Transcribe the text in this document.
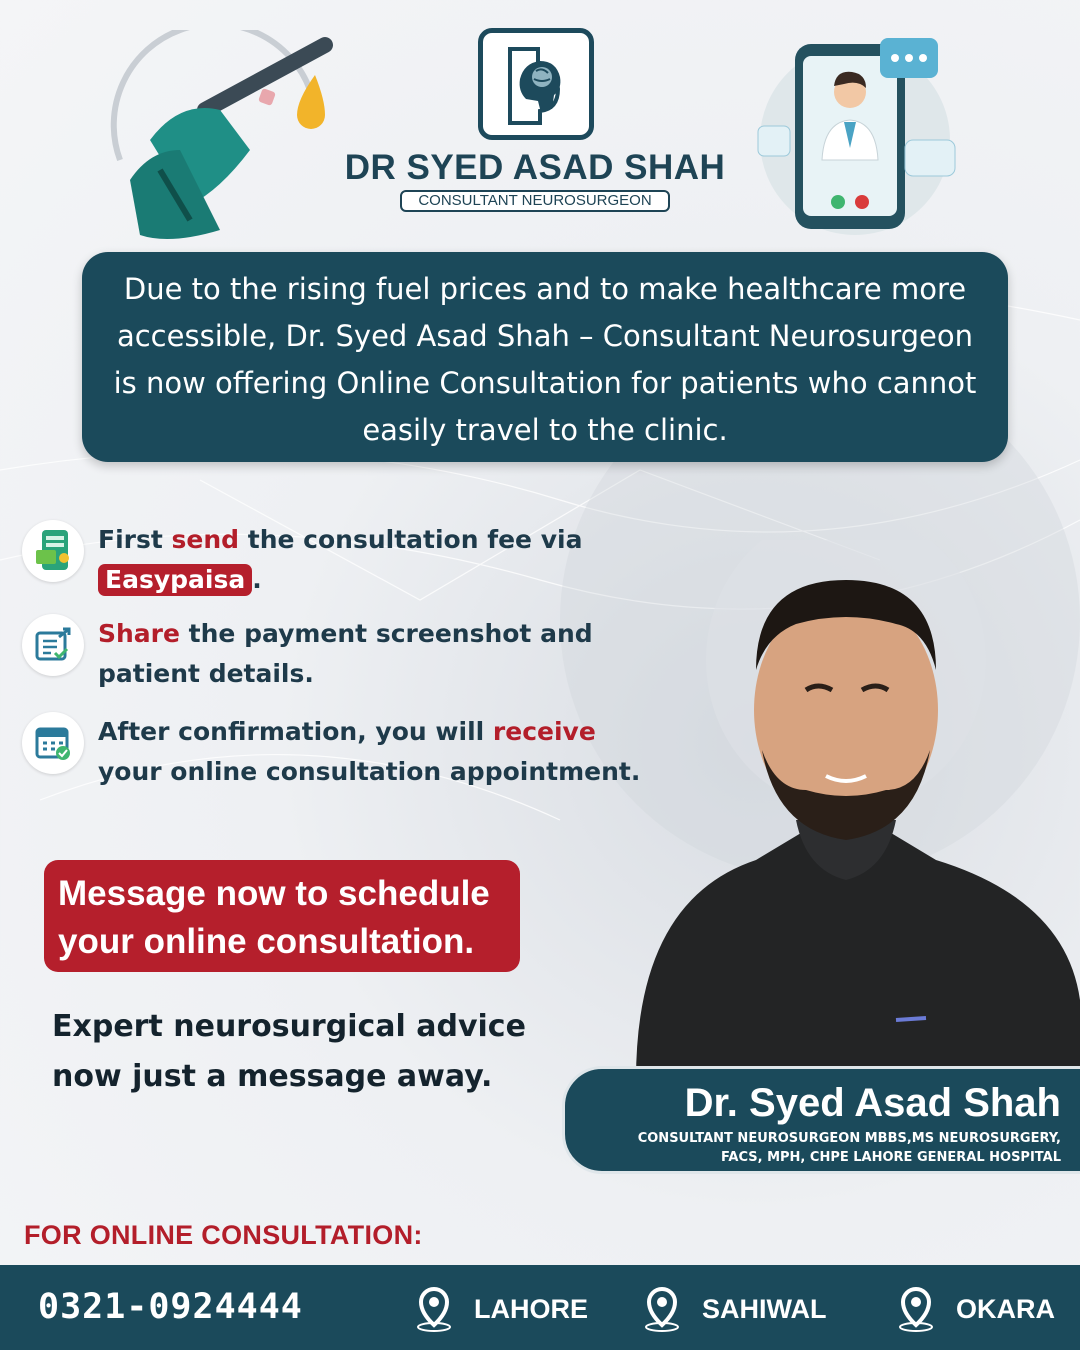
DR SYED ASAD SHAH
CONSULTANT NEUROSURGEON
Due to the rising fuel prices and to make healthcare more accessible, Dr. Syed Asad Shah – Consultant Neurosurgeon is now offering Online Consultation for patients who cannot easily travel to the clinic.
First send the consultation fee via Easypaisa .
Share the payment screenshot and patient details.
After confirmation, you will receive your online consultation appointment.
Message now to schedule your online consultation.
Expert neurosurgical advice now just a message away.
Dr. Syed Asad Shah
CONSULTANT NEUROSURGEON MBBS,MS NEUROSURGERY,
FACS, MPH, CHPE LAHORE GENERAL HOSPITAL
FOR ONLINE CONSULTATION:
0321-0924444	LAHORE	SAHIWAL	OKARA
